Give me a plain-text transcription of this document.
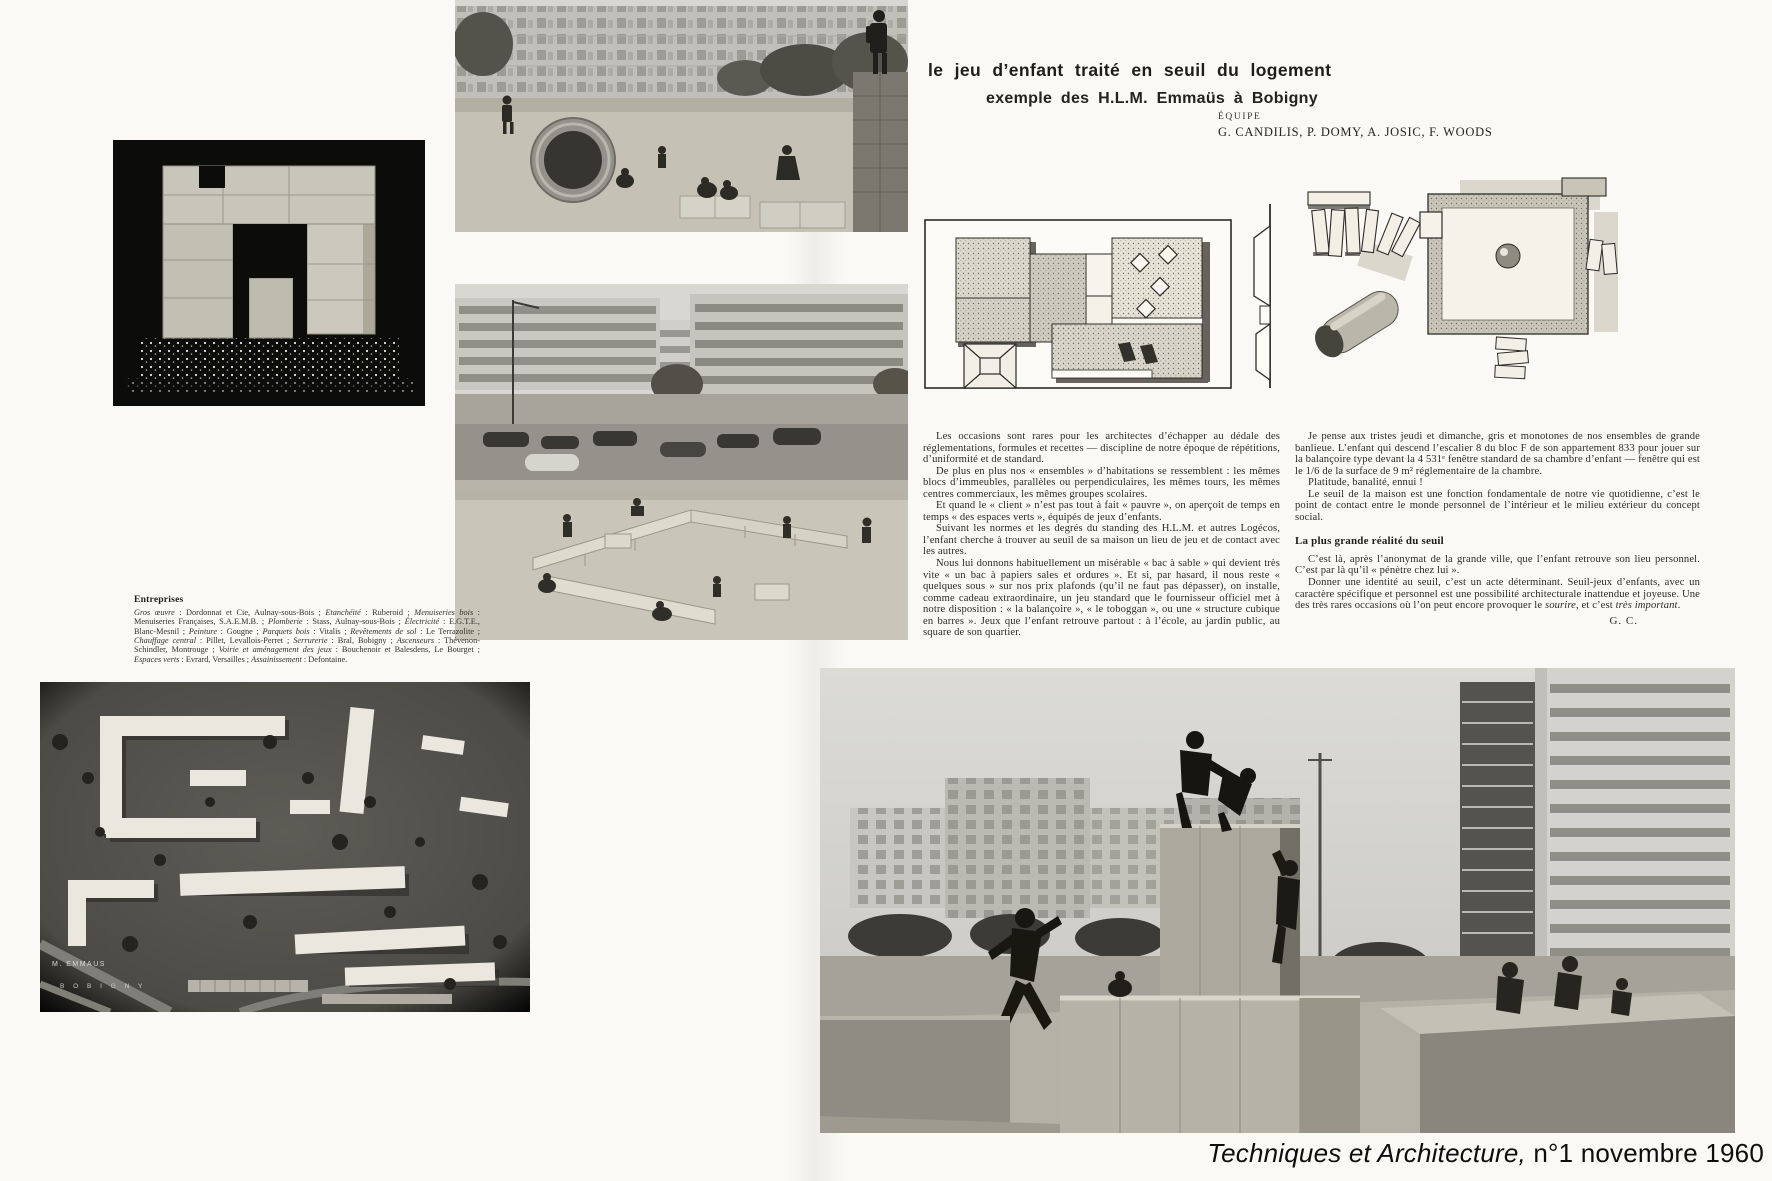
Entreprises

Gros œuvre : Dordonnat et Cie, Aulnay-sous-Bois ; Etanchéité : Ruberoid ; Menuiseries bois : Menuiseries Françaises, S.A.E.M.B. ; Plomberie : Stass, Aulnay-sous-Bois ; Électricité : E.G.T.E., Blanc-Mesnil ; Peinture : Gougne ; Parquets bois : Vitalis ; Revêtements de sol : Le Terrazolite ; Chauffage central : Pillet, Levallois-Perret ; Serrurerie : Bral, Bobigny ; Ascenseurs : Thévenon-Schindler, Montrouge ; Voirie et aménagement des jeux : Bouchenoir et Balesdens, Le Bourget ; Espaces verts : Evrard, Versailles ; Assainissement : Defontaine.

M. EMMAUS
B O B I G N Y
le jeu d’enfant traité en seuil du logement
exemple des H.L.M. Emmaüs à Bobigny
ÉQUIPE
G. CANDILIS, P. DOMY, A. JOSIC, F. WOODS

Les occasions sont rares pour les architectes d’échapper au dédale des réglementations, formules et recettes — discipline de notre époque de répétitions, d’uniformité et de standard.

De plus en plus nos « ensembles » d’habitations se ressemblent : les mêmes blocs d’immeubles, parallèles ou perpendiculaires, les mêmes tours, les mêmes centres commerciaux, les mêmes groupes scolaires.

Et quand le « client » n’est pas tout à fait « pauvre », on aperçoit de temps en temps « des espaces verts », équipés de jeux d’enfants.

Suivant les normes et les degrés du standing des H.L.M. et autres Logécos, l’enfant cherche à trouver au seuil de sa maison un lieu de jeu et de contact avec les autres.

Nous lui donnons habituellement un misérable « bac à sable » qui devient très vite « un bac à papiers sales et ordures ». Et si, par hasard, il nous reste « quelques sous » sur nos prix plafonds (qu’il ne faut pas dépasser), on installe, comme cadeau extraordinaire, un jeu standard que le fournisseur officiel met à notre disposition : « la balançoire », « le toboggan », ou une « structure cubique en barres ». Jeux que l’enfant retrouve partout : à l’école, au jardin public, au square de son quartier.

Je pense aux tristes jeudi et dimanche, gris et monotones de nos ensembles de grande banlieue. L’enfant qui descend l’escalier 8 du bloc F de son appartement 833 pour jouer sur la balançoire type devant la 4 531ᵉ fenêtre standard de sa chambre d’enfant — fenêtre qui est le 1/6 de la surface de 9 m² réglementaire de la chambre.

Platitude, banalité, ennui !

Le seuil de la maison est une fonction fondamentale de notre vie quotidienne, c’est le point de contact entre le monde personnel de l’intérieur et le milieu extérieur du concept social.

La plus grande réalité du seuil

C’est là, après l’anonymat de la grande ville, que l’enfant retrouve son lieu personnel. C’est par là qu’il « pénètre chez lui ».

Donner une identité au seuil, c’est un acte déterminant. Seuil-jeux d’enfants, avec un caractère spécifique et personnel est une possibilité architecturale inattendue et joyeuse. Une des très rares occasions où l’on peut encore provoquer le sourire, et c’est très important.

G. C.
Techniques et Architecture, n°1 novembre 1960
